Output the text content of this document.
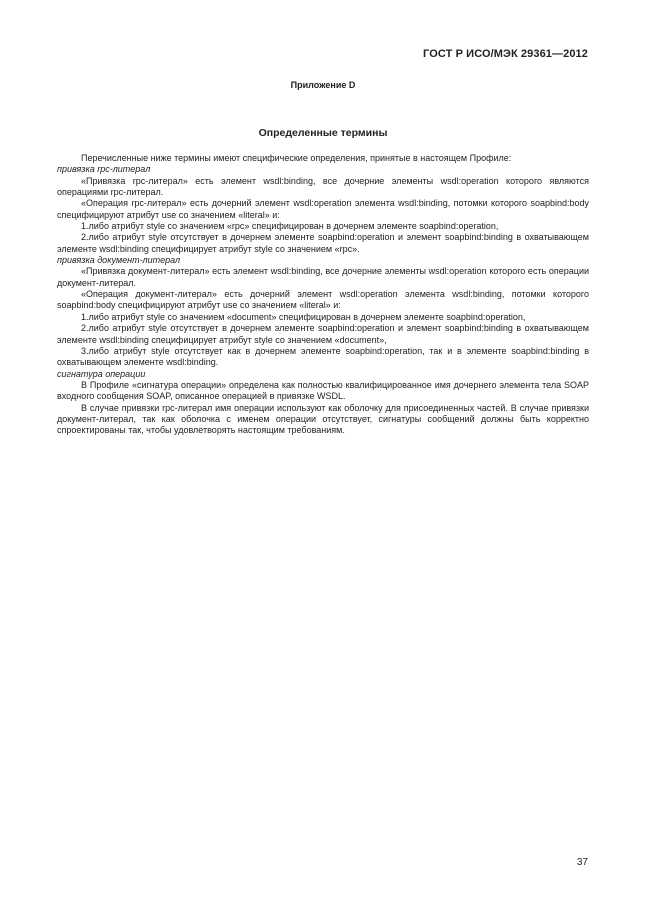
ГОСТ Р ИСО/МЭК 29361—2012
Приложение D
Определенные термины

Перечисленные ниже термины имеют специфические определения, принятые в настоящем Профиле:

привязка rpc-литерал

«Привязка rpc-литерал» есть элемент wsdl:binding, все дочерние элементы wsdl:operation которого являются операциями rpc-литерал.

«Операция rpc-литерал» есть дочерний элемент wsdl:operation элемента wsdl:binding, потомки которого soapbind:body специфицируют атрибут use со значением «literal» и:

1.либо атрибут style со значением «rpc» специфицирован в дочернем элементе soapbind:operation,

2.либо атрибут style отсутствует в дочернем элементе soapbind:operation и элемент soapbind:binding в охватывающем элементе wsdl:binding специфицирует атрибут style со значением «rpc».

привязка документ-литерал

«Привязка документ-литерал» есть элемент wsdl:binding, все дочерние элементы wsdl:operation которого есть операции документ-литерал.

«Операция документ-литерал» есть дочерний элемент wsdl:operation элемента wsdl:binding, потомки которого soapbind:body специфицируют атрибут use со значением «literal» и:

1.либо атрибут style со значением «document» специфицирован в дочернем элементе soapbind:operation,

2.либо атрибут style отсутствует в дочернем элементе soapbind:operation и элемент soapbind:binding в охватывающем элементе wsdl:binding специфицирует атрибут style со значением «document»,

3.либо атрибут style отсутствует как в дочернем элементе soapbind:operation, так и в элементе soapbind:binding в охватывающем элементе wsdl:binding.

сигнатура операции

В Профиле «сигнатура операции» определена как полностью квалифицированное имя дочернего элемента тела SOAP входного сообщения SOAP, описанное операцией в привязке WSDL.

В случае привязки rpc-литерал имя операции используют как оболочку для присоединенных частей. В случае привязки документ-литерал, так как оболочка с именем операции отсутствует, сигнатуры сообщений должны быть корректно спроектированы так, чтобы удовлетворять настоящим требованиям.

37
